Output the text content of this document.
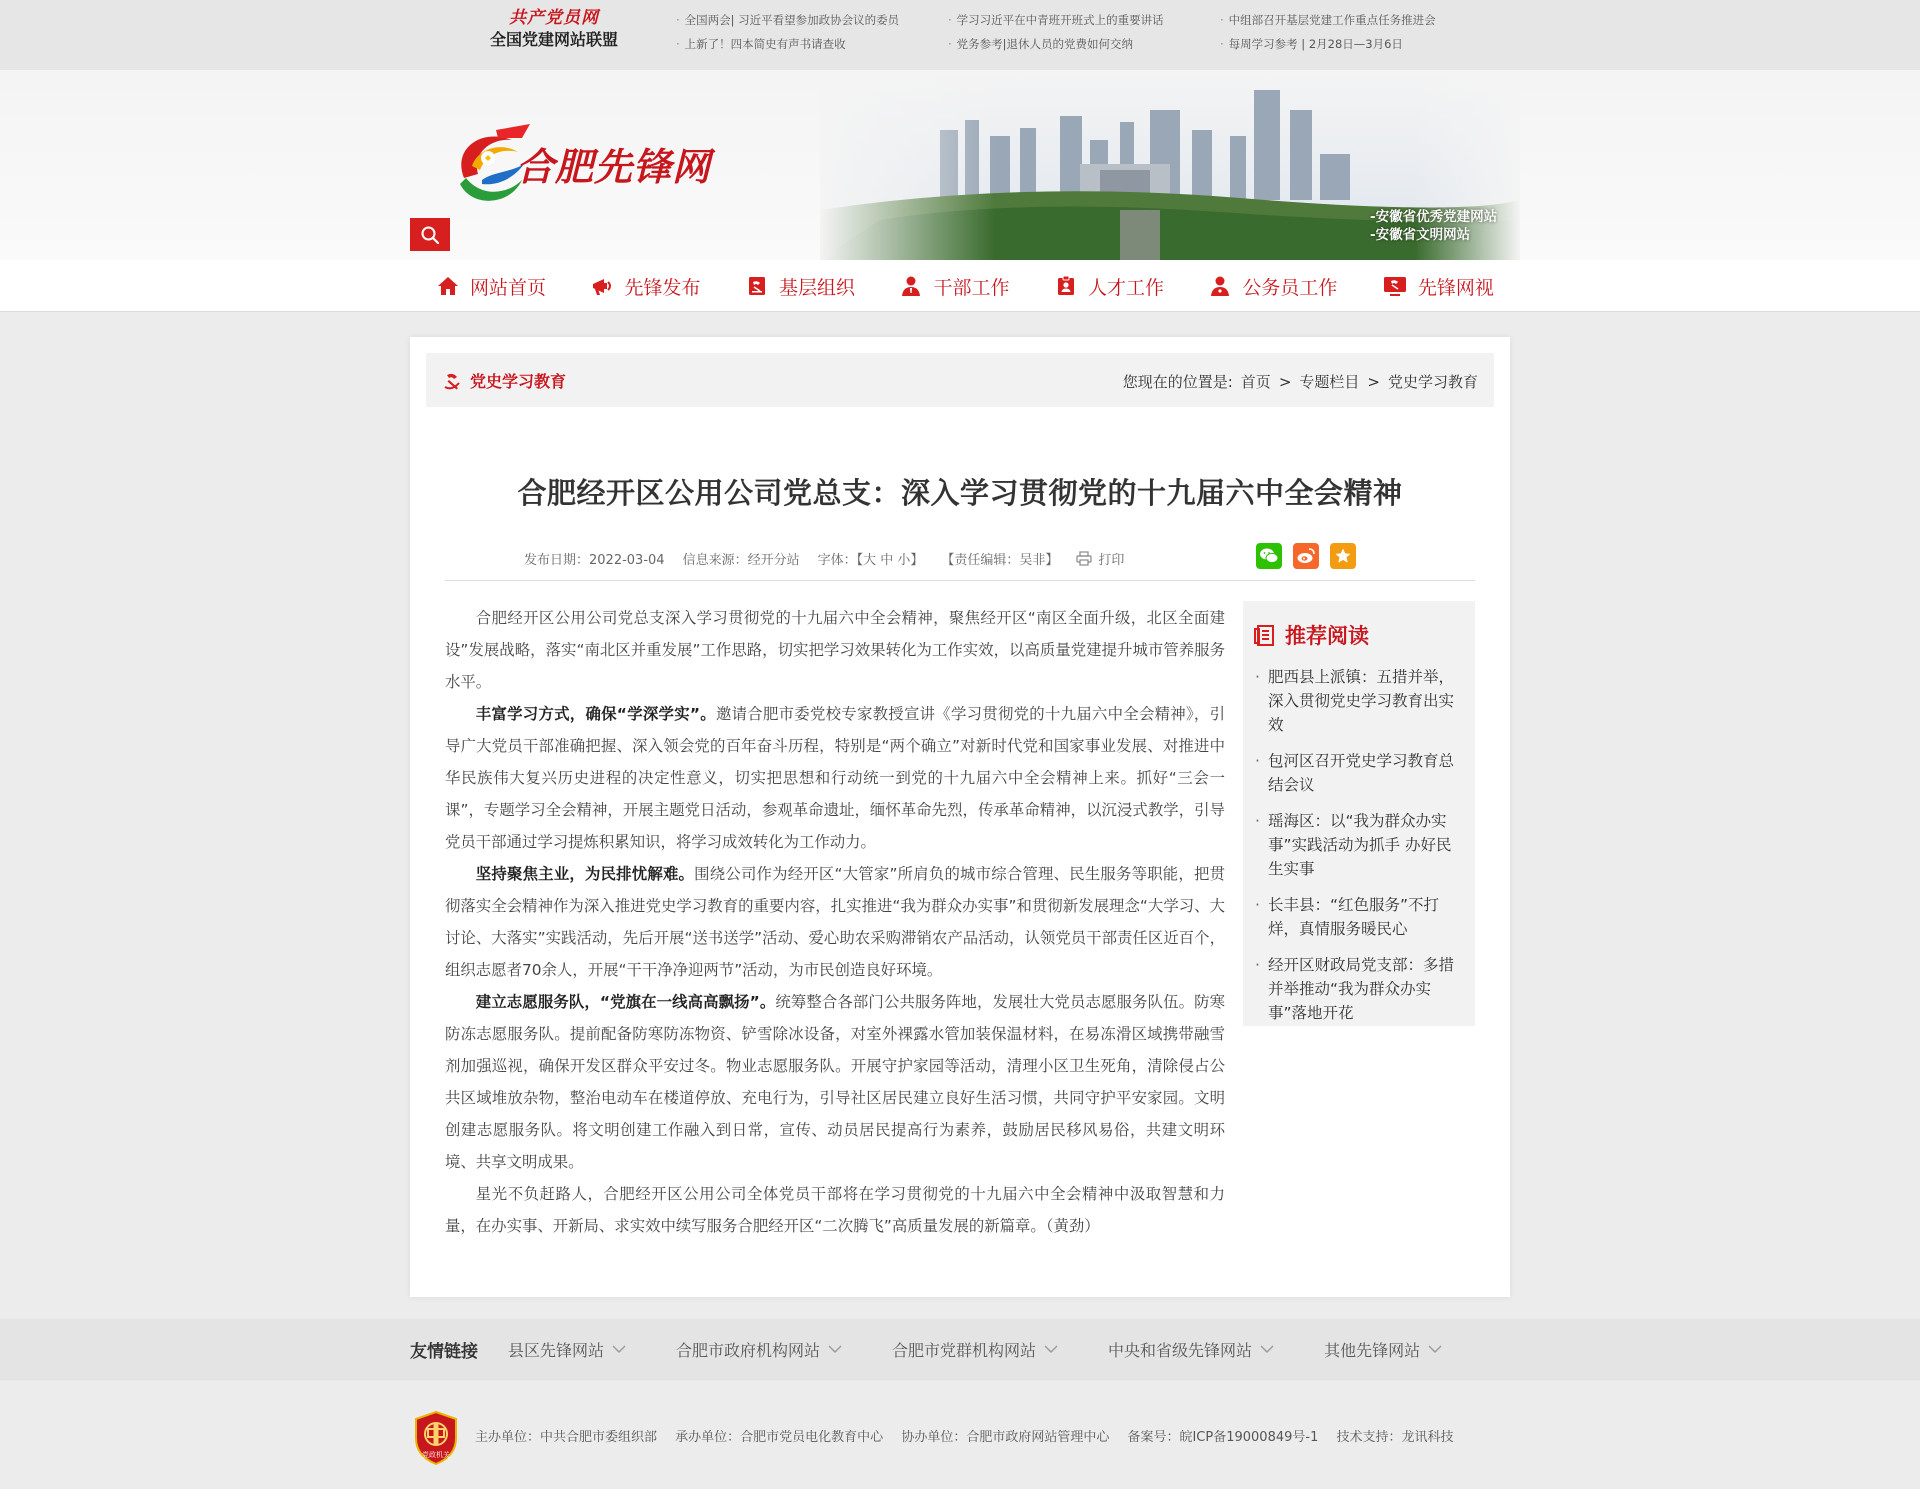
共产党员网
全国党建网站联盟
· 全国两会| 习近平看望参加政协会议的委员	· 学习习近平在中青班开班式上的重要讲话	· 中组部召开基层党建工作重点任务推进会
· 上新了！四本简史有声书请查收	· 党务参考|退休人员的党费如何交纳	· 每周学习参考 | 2月28日—3月6日
合肥先锋网
-安徽省优秀党建网站
-安徽省文明网站
网站首页	先锋发布	基层组织	干部工作	人才工作	公务员工作	先锋网视
党史学习教育	您现在的位置是: 首页 > 专题栏目 > 党史学习教育
合肥经开区公用公司党总支：深入学习贯彻党的十九届六中全会精神
发布日期：2022-03-04 信息来源：经开分站 字体：【大 中 小】 【责任编辑：吴非】	打印

合肥经开区公用公司党总支深入学习贯彻党的十九届六中全会精神，聚焦经开区“南区全面升级，北区全面建设”发展战略，落实“南北区并重发展”工作思路，切实把学习效果转化为工作实效，以高质量党建提升城市管养服务水平。

丰富学习方式，确保“学深学实”。邀请合肥市委党校专家教授宣讲《学习贯彻党的十九届六中全会精神》，引导广大党员干部准确把握、深入领会党的百年奋斗历程，特别是“两个确立”对新时代党和国家事业发展、对推进中华民族伟大复兴历史进程的决定性意义，切实把思想和行动统一到党的十九届六中全会精神上来。抓好“三会一课”，专题学习全会精神，开展主题党日活动，参观革命遗址，缅怀革命先烈，传承革命精神，以沉浸式教学，引导党员干部通过学习提炼积累知识，将学习成效转化为工作动力。

坚持聚焦主业，为民排忧解难。围绕公司作为经开区“大管家”所肩负的城市综合管理、民生服务等职能，把贯彻落实全会精神作为深入推进党史学习教育的重要内容，扎实推进“我为群众办实事”和贯彻新发展理念“大学习、大讨论、大落实”实践活动，先后开展“送书送学”活动、爱心助农采购滞销农产品活动，认领党员干部责任区近百个，组织志愿者70余人，开展“干干净净迎两节”活动，为市民创造良好环境。

建立志愿服务队，“党旗在一线高高飘扬”。统筹整合各部门公共服务阵地，发展壮大党员志愿服务队伍。防寒防冻志愿服务队。提前配备防寒防冻物资、铲雪除冰设备，对室外裸露水管加装保温材料，在易冻滑区域携带融雪剂加强巡视，确保开发区群众平安过冬。物业志愿服务队。开展守护家园等活动，清理小区卫生死角，清除侵占公共区域堆放杂物，整治电动车在楼道停放、充电行为，引导社区居民建立良好生活习惯，共同守护平安家园。文明创建志愿服务队。将文明创建工作融入到日常，宣传、动员居民提高行为素养，鼓励居民移风易俗，共建文明环境、共享文明成果。

星光不负赶路人，合肥经开区公用公司全体党员干部将在学习贯彻党的十九届六中全会精神中汲取智慧和力量，在办实事、开新局、求实效中续写服务合肥经开区“二次腾飞”高质量发展的新篇章。（黄劲）

推荐阅读
· 肥西县上派镇：五措并举，深入贯彻党史学习教育出实效
· 包河区召开党史学习教育总结会议
· 瑶海区：以“我为群众办实事”实践活动为抓手 办好民生实事
· 长丰县：“红色服务”不打烊，真情服务暖民心
· 经开区财政局党支部：多措并举推动“我为群众办实事”落地开花
友情链接 县区先锋网站	合肥市政府机构网站	合肥市党群机构网站	中央和省级先锋网站	其他先锋网站
党政机关
主办单位：中共合肥市委组织部 承办单位：合肥市党员电化教育中心 协办单位：合肥市政府网站管理中心 备案号：皖ICP备19000849号-1 技术支持：龙讯科技
